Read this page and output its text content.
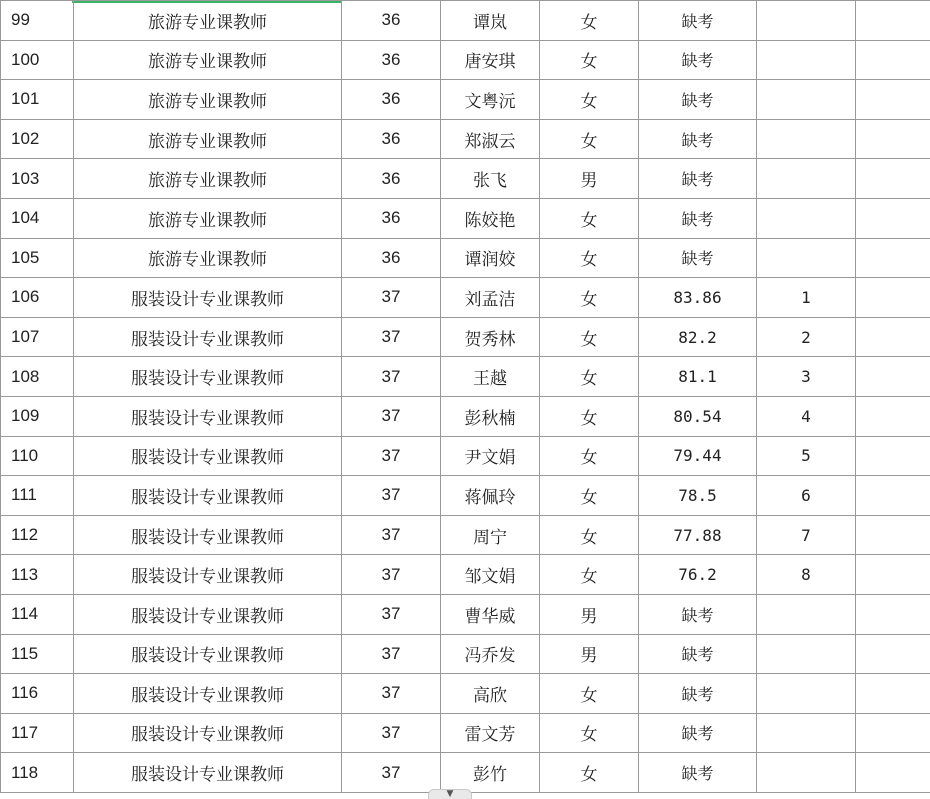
99	旅游专业课教师	36	谭岚	女	缺考		
100	旅游专业课教师	36	唐安琪	女	缺考		
101	旅游专业课教师	36	文粤沅	女	缺考		
102	旅游专业课教师	36	郑淑云	女	缺考		
103	旅游专业课教师	36	张飞	男	缺考		
104	旅游专业课教师	36	陈姣艳	女	缺考		
105	旅游专业课教师	36	谭润姣	女	缺考		
106	服装设计专业课教师	37	刘孟洁	女	83.86	1	
107	服装设计专业课教师	37	贺秀林	女	82.2	2	
108	服装设计专业课教师	37	王越	女	81.1	3	
109	服装设计专业课教师	37	彭秋楠	女	80.54	4	
110	服装设计专业课教师	37	尹文娟	女	79.44	5	
111	服装设计专业课教师	37	蒋佩玲	女	78.5	6	
112	服装设计专业课教师	37	周宁	女	77.88	7	
113	服装设计专业课教师	37	邹文娟	女	76.2	8	
114	服装设计专业课教师	37	曹华威	男	缺考		
115	服装设计专业课教师	37	冯乔发	男	缺考		
116	服装设计专业课教师	37	高欣	女	缺考		
117	服装设计专业课教师	37	雷文芳	女	缺考		
118	服装设计专业课教师	37	彭竹	女	缺考		
▼
